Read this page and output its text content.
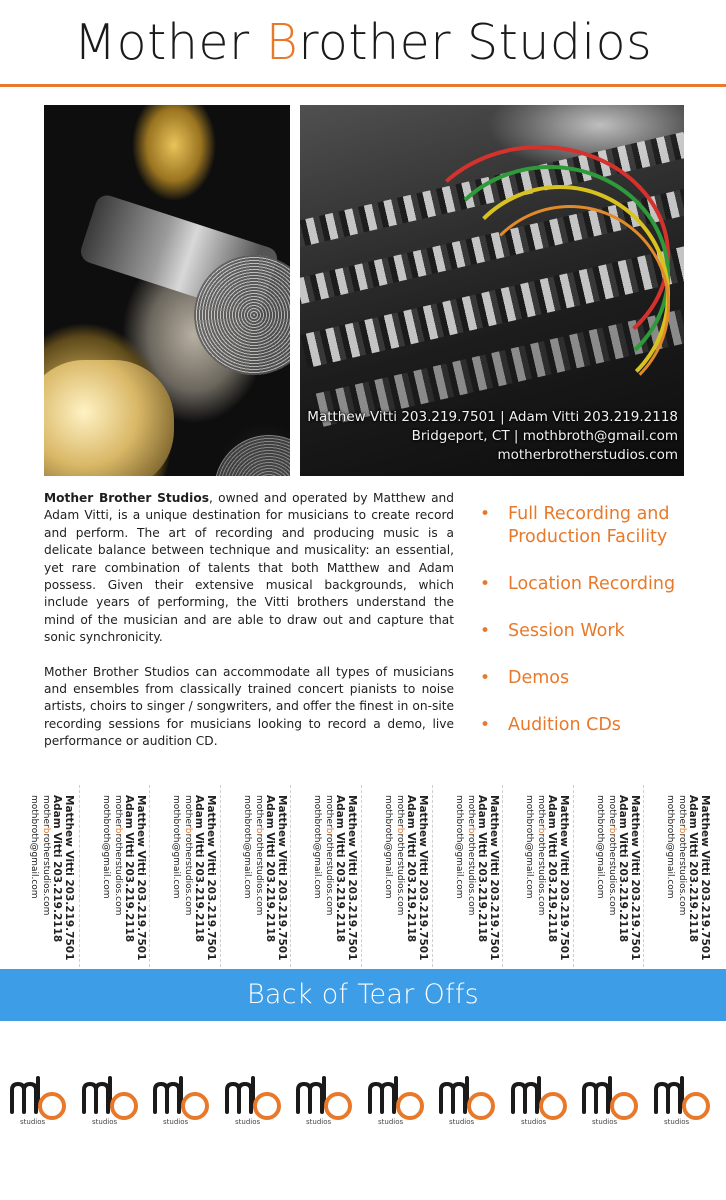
Mother Brother Studios
Matthew Vitti 203.219.7501 | Adam Vitti 203.219.2118
Bridgeport, CT | mothbroth@gmail.com
motherbrotherstudios.com

Mother Brother Studios, owned and operated by Matthew and Adam Vitti, is a unique destination for musicians to create record and perform. The art of recording and producing music is a delicate balance between technique and musicality: an essential, yet rare combination of talents that both Matthew and Adam possess. Given their extensive musical backgrounds, which include years of performing, the Vitti brothers understand the mind of the musician and are able to draw out and capture that sonic synchronicity.

Mother Brother Studios can accommodate all types of musicians and ensembles from classically trained concert pianists to noise artists, choirs to singer / songwriters, and offer the finest in on-site recording sessions for musicians looking to record a demo, live performance or audition CD.

• Full Recording and Production Facility
• Location Recording
• Session Work
• Demos
• Audition CDs
Matthew Vitti 203.219.7501
Adam Vitti 203.219.2118
motherbrotherstudios.com
mothbroth@gmail.com	Matthew Vitti 203.219.7501
Adam Vitti 203.219.2118
motherbrotherstudios.com
mothbroth@gmail.com	Matthew Vitti 203.219.7501
Adam Vitti 203.219.2118
motherbrotherstudios.com
mothbroth@gmail.com	Matthew Vitti 203.219.7501
Adam Vitti 203.219.2118
motherbrotherstudios.com
mothbroth@gmail.com	Matthew Vitti 203.219.7501
Adam Vitti 203.219.2118
motherbrotherstudios.com
mothbroth@gmail.com	Matthew Vitti 203.219.7501
Adam Vitti 203.219.2118
motherbrotherstudios.com
mothbroth@gmail.com	Matthew Vitti 203.219.7501
Adam Vitti 203.219.2118
motherbrotherstudios.com
mothbroth@gmail.com	Matthew Vitti 203.219.7501
Adam Vitti 203.219.2118
motherbrotherstudios.com
mothbroth@gmail.com	Matthew Vitti 203.219.7501
Adam Vitti 203.219.2118
motherbrotherstudios.com
mothbroth@gmail.com	Matthew Vitti 203.219.7501
Adam Vitti 203.219.2118
motherbrotherstudios.com
mothbroth@gmail.com
Back of Tear Offs
studios	studios	studios	studios	studios	studios	studios	studios	studios	studios
